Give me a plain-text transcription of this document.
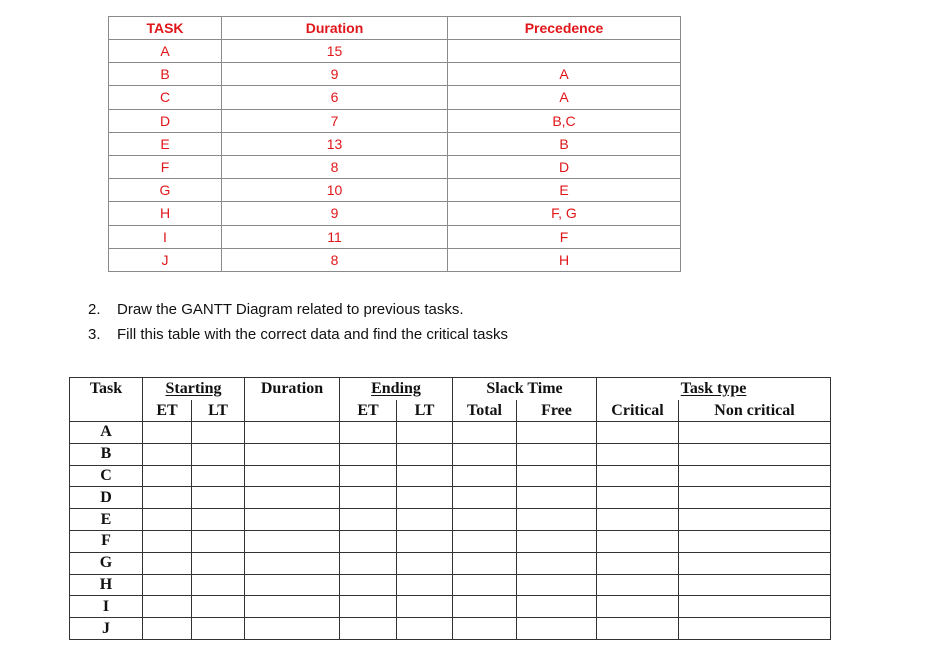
TASK	Duration	Precedence
A	15	
B	9	A
C	6	A
D	7	B,C
E	13	B
F	8	D
G	10	E
H	9	F, G
I	11	F
J	8	H
2. Draw the GANTT Diagram related to previous tasks.
3. Fill this table with the correct data and find the critical tasks
Task	Starting		Duration	Ending		Slack Time		Task type	
	ET	LT		ET	LT	Total	Free	Critical	Non critical
A									
B									
C									
D									
E									
F									
G									
H									
I									
J									
